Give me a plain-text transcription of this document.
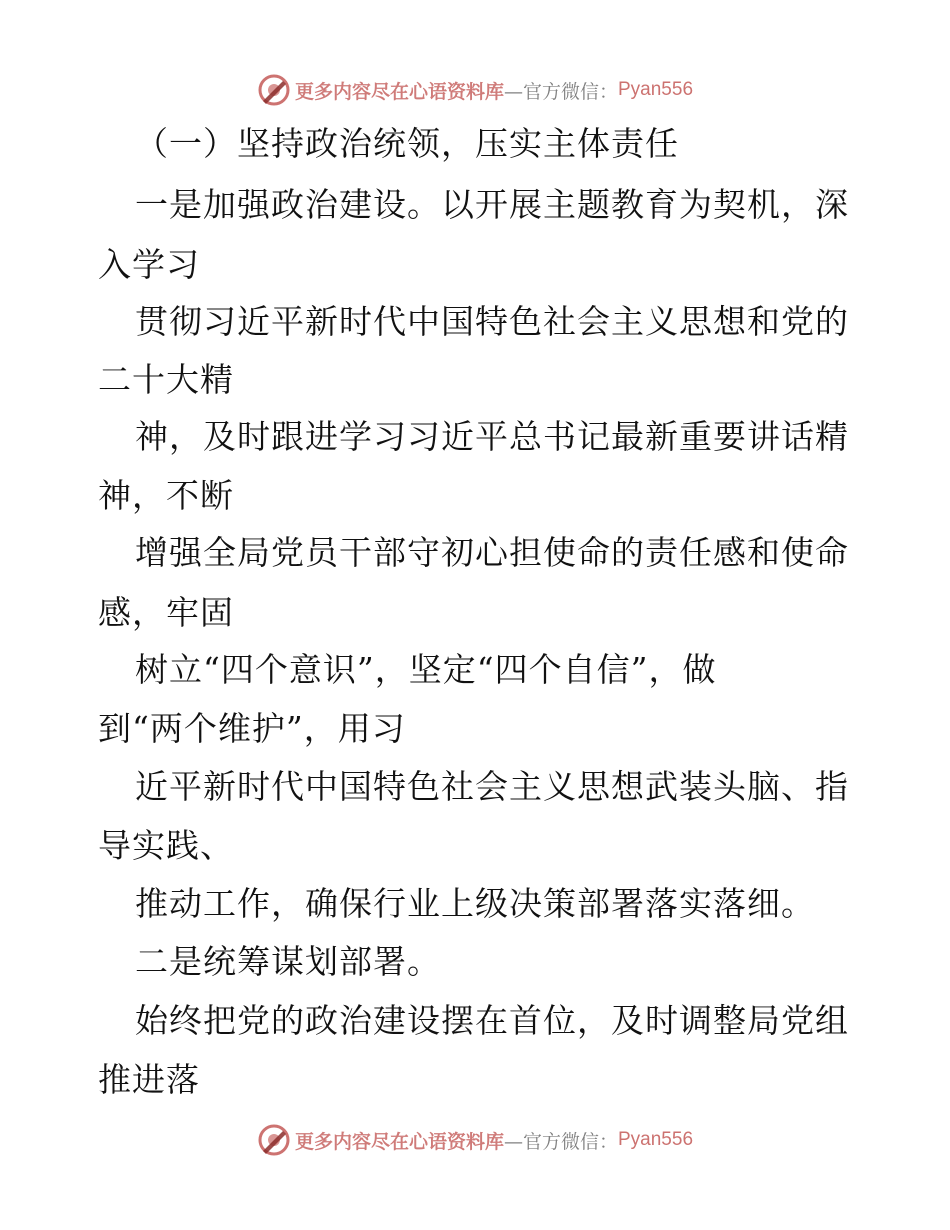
更多内容尽在心语资料库 —官方微信： Pyan556
（一）坚持政治统领，压实主体责任
一是加强政治建设。以开展主题教育为契机，深
入学习
贯彻习近平新时代中国特色社会主义思想和党的
二十大精
神，及时跟进学习习近平总书记最新重要讲话精
神，不断
增强全局党员干部守初心担使命的责任感和使命
感，牢固
树立“四个意识”，坚定“四个自信”，做
到“两个维护”，用习
近平新时代中国特色社会主义思想武装头脑、指
导实践、
推动工作，确保行业上级决策部署落实落细。
二是统筹谋划部署。
始终把党的政治建设摆在首位，及时调整局党组
推进落
更多内容尽在心语资料库 —官方微信： Pyan556
